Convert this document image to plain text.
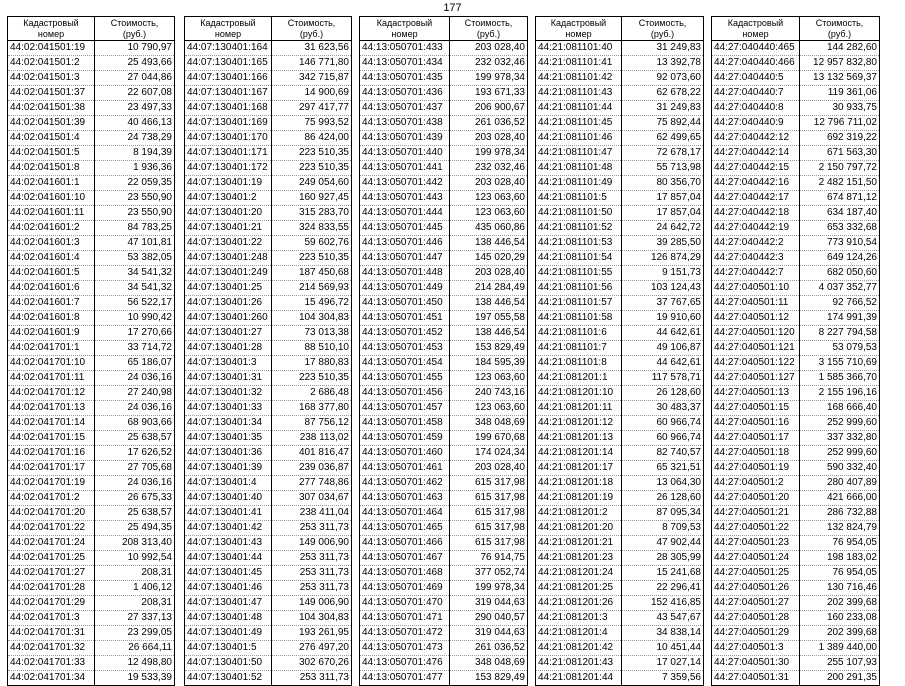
177
Кадастровый
номер	Стоимость,
(руб.)
44:02:041501:19	10 790,97
44:02:041501:2	25 493,66
44:02:041501:3	27 044,86
44:02:041501:37	22 607,08
44:02:041501:38	23 497,33
44:02:041501:39	40 466,13
44:02:041501:4	24 738,29
44:02:041501:5	8 194,39
44:02:041501:8	1 936,36
44:02:041601:1	22 059,35
44:02:041601:10	23 550,90
44:02:041601:11	23 550,90
44:02:041601:2	84 783,25
44:02:041601:3	47 101,81
44:02:041601:4	53 382,05
44:02:041601:5	34 541,32
44:02:041601:6	34 541,32
44:02:041601:7	56 522,17
44:02:041601:8	10 990,42
44:02:041601:9	17 270,66
44:02:041701:1	33 714,72
44:02:041701:10	65 186,07
44:02:041701:11	24 036,16
44:02:041701:12	27 240,98
44:02:041701:13	24 036,16
44:02:041701:14	68 903,66
44:02:041701:15	25 638,57
44:02:041701:16	17 626,52
44:02:041701:17	27 705,68
44:02:041701:19	24 036,16
44:02:041701:2	26 675,33
44:02:041701:20	25 638,57
44:02:041701:22	25 494,35
44:02:041701:24	208 313,40
44:02:041701:25	10 992,54
44:02:041701:27	208,31
44:02:041701:28	1 406,12
44:02:041701:29	208,31
44:02:041701:3	27 337,13
44:02:041701:31	23 299,05
44:02:041701:32	26 664,11
44:02:041701:33	12 498,80
44:02:041701:34	19 533,39
Кадастровый
номер	Стоимость,
(руб.)
44:07:130401:164	31 623,56
44:07:130401:165	146 771,80
44:07:130401:166	342 715,87
44:07:130401:167	14 900,69
44:07:130401:168	297 417,77
44:07:130401:169	75 993,52
44:07:130401:170	86 424,00
44:07:130401:171	223 510,35
44:07:130401:172	223 510,35
44:07:130401:19	249 054,60
44:07:130401:2	160 927,45
44:07:130401:20	315 283,70
44:07:130401:21	324 833,55
44:07:130401:22	59 602,76
44:07:130401:248	223 510,35
44:07:130401:249	187 450,68
44:07:130401:25	214 569,93
44:07:130401:26	15 496,72
44:07:130401:260	104 304,83
44:07:130401:27	73 013,38
44:07:130401:28	88 510,10
44:07:130401:3	17 880,83
44:07:130401:31	223 510,35
44:07:130401:32	2 686,48
44:07:130401:33	168 377,80
44:07:130401:34	87 756,12
44:07:130401:35	238 113,02
44:07:130401:36	401 816,47
44:07:130401:39	239 036,87
44:07:130401:4	277 748,86
44:07:130401:40	307 034,67
44:07:130401:41	238 411,04
44:07:130401:42	253 311,73
44:07:130401:43	149 006,90
44:07:130401:44	253 311,73
44:07:130401:45	253 311,73
44:07:130401:46	253 311,73
44:07:130401:47	149 006,90
44:07:130401:48	104 304,83
44:07:130401:49	193 261,95
44:07:130401:5	276 497,20
44:07:130401:50	302 670,26
44:07:130401:52	253 311,73
Кадастровый
номер	Стоимость,
(руб.)
44:13:050701:433	203 028,40
44:13:050701:434	232 032,46
44:13:050701:435	199 978,34
44:13:050701:436	193 671,33
44:13:050701:437	206 900,67
44:13:050701:438	261 036,52
44:13:050701:439	203 028,40
44:13:050701:440	199 978,34
44:13:050701:441	232 032,46
44:13:050701:442	203 028,40
44:13:050701:443	123 063,60
44:13:050701:444	123 063,60
44:13:050701:445	435 060,86
44:13:050701:446	138 446,54
44:13:050701:447	145 020,29
44:13:050701:448	203 028,40
44:13:050701:449	214 284,49
44:13:050701:450	138 446,54
44:13:050701:451	197 055,58
44:13:050701:452	138 446,54
44:13:050701:453	153 829,49
44:13:050701:454	184 595,39
44:13:050701:455	123 063,60
44:13:050701:456	240 743,16
44:13:050701:457	123 063,60
44:13:050701:458	348 048,69
44:13:050701:459	199 670,68
44:13:050701:460	174 024,34
44:13:050701:461	203 028,40
44:13:050701:462	615 317,98
44:13:050701:463	615 317,98
44:13:050701:464	615 317,98
44:13:050701:465	615 317,98
44:13:050701:466	615 317,98
44:13:050701:467	76 914,75
44:13:050701:468	377 052,74
44:13:050701:469	199 978,34
44:13:050701:470	319 044,63
44:13:050701:471	290 040,57
44:13:050701:472	319 044,63
44:13:050701:473	261 036,52
44:13:050701:476	348 048,69
44:13:050701:477	153 829,49
Кадастровый
номер	Стоимость,
(руб.)
44:21:081101:40	31 249,83
44:21:081101:41	13 392,78
44:21:081101:42	92 073,60
44:21:081101:43	62 678,22
44:21:081101:44	31 249,83
44:21:081101:45	75 892,44
44:21:081101:46	62 499,65
44:21:081101:47	72 678,17
44:21:081101:48	55 713,98
44:21:081101:49	80 356,70
44:21:081101:5	17 857,04
44:21:081101:50	17 857,04
44:21:081101:52	24 642,72
44:21:081101:53	39 285,50
44:21:081101:54	126 874,29
44:21:081101:55	9 151,73
44:21:081101:56	103 124,43
44:21:081101:57	37 767,65
44:21:081101:58	19 910,60
44:21:081101:6	44 642,61
44:21:081101:7	49 106,87
44:21:081101:8	44 642,61
44:21:081201:1	117 578,71
44:21:081201:10	26 128,60
44:21:081201:11	30 483,37
44:21:081201:12	60 966,74
44:21:081201:13	60 966,74
44:21:081201:14	82 740,57
44:21:081201:17	65 321,51
44:21:081201:18	13 064,30
44:21:081201:19	26 128,60
44:21:081201:2	87 095,34
44:21:081201:20	8 709,53
44:21:081201:21	47 902,44
44:21:081201:23	28 305,99
44:21:081201:24	15 241,68
44:21:081201:25	22 296,41
44:21:081201:26	152 416,85
44:21:081201:3	43 547,67
44:21:081201:4	34 838,14
44:21:081201:42	10 451,44
44:21:081201:43	17 027,14
44:21:081201:44	7 359,56
Кадастровый
номер	Стоимость,
(руб.)
44:27:040440:465	144 282,60
44:27:040440:466	12 957 832,80
44:27:040440:5	13 132 569,37
44:27:040440:7	119 361,06
44:27:040440:8	30 933,75
44:27:040440:9	12 796 711,02
44:27:040442:12	692 319,22
44:27:040442:14	671 563,30
44:27:040442:15	2 150 797,72
44:27:040442:16	2 482 151,50
44:27:040442:17	674 871,12
44:27:040442:18	634 187,40
44:27:040442:19	653 332,68
44:27:040442:2	773 910,54
44:27:040442:3	649 124,26
44:27:040442:7	682 050,60
44:27:040501:10	4 037 352,77
44:27:040501:11	92 766,52
44:27:040501:12	174 991,39
44:27:040501:120	8 227 794,58
44:27:040501:121	53 079,53
44:27:040501:122	3 155 710,69
44:27:040501:127	1 585 366,70
44:27:040501:13	2 155 196,16
44:27:040501:15	168 666,40
44:27:040501:16	252 999,60
44:27:040501:17	337 332,80
44:27:040501:18	252 999,60
44:27:040501:19	590 332,40
44:27:040501:2	280 407,89
44:27:040501:20	421 666,00
44:27:040501:21	286 732,88
44:27:040501:22	132 824,79
44:27:040501:23	76 954,05
44:27:040501:24	198 183,02
44:27:040501:25	76 954,05
44:27:040501:26	130 716,46
44:27:040501:27	202 399,68
44:27:040501:28	160 233,08
44:27:040501:29	202 399,68
44:27:040501:3	1 389 440,00
44:27:040501:30	255 107,93
44:27:040501:31	200 291,35
